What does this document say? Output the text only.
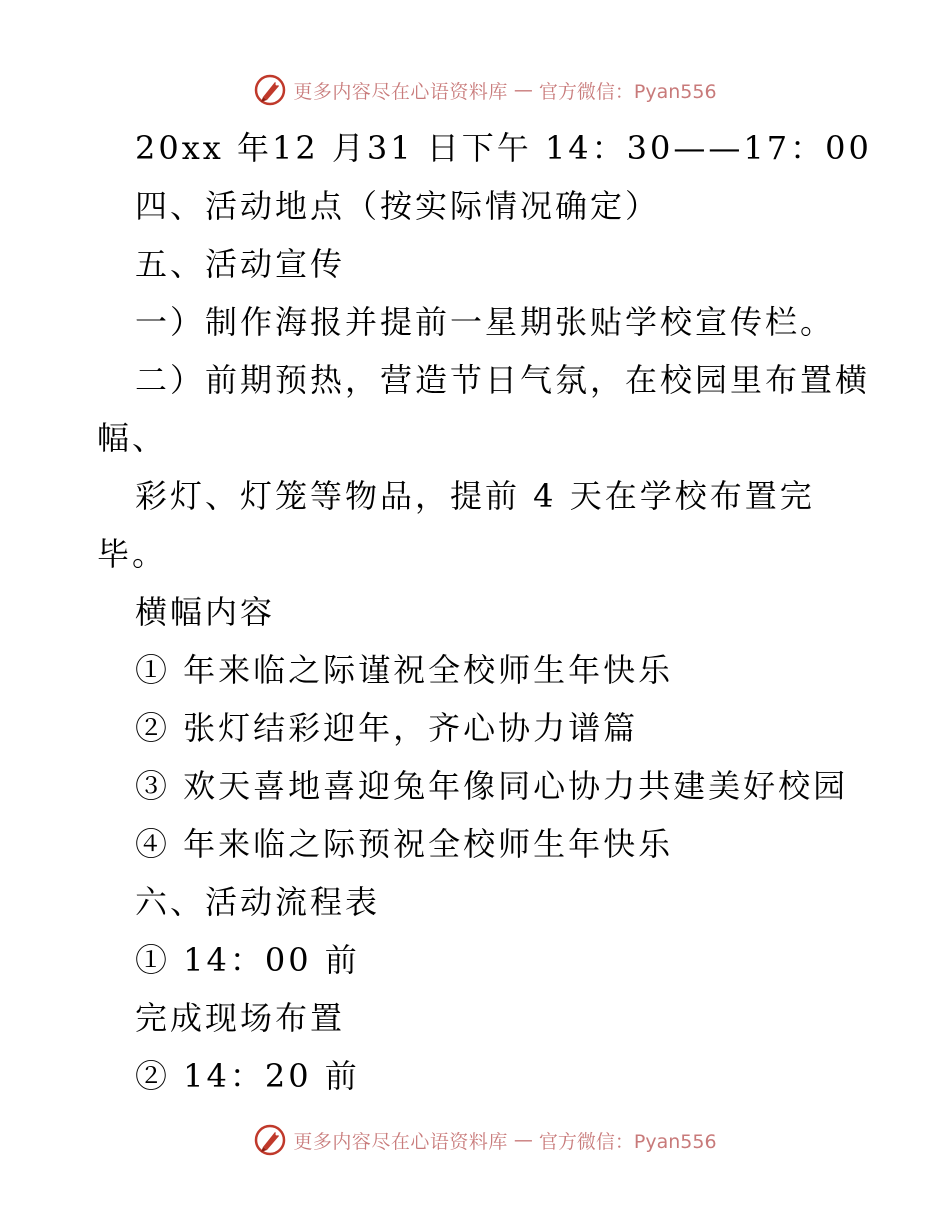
更多内容尽在心语资料库 — 官方微信：Pyan556
20xx 年12 月31 日下午 14：30——17：00
四、活动地点（按实际情况确定）
五、活动宣传
一）制作海报并提前一星期张贴学校宣传栏。
二）前期预热，营造节日气氛，在校园里布置横
幅、
彩灯、灯笼等物品，提前 4 天在学校布置完
毕。
横幅内容
① 年来临之际谨祝全校师生年快乐
② 张灯结彩迎年，齐心协力谱篇
③ 欢天喜地喜迎兔年像同心协力共建美好校园
④ 年来临之际预祝全校师生年快乐
六、活动流程表
① 14：00 前
完成现场布置
② 14：20 前
更多内容尽在心语资料库 — 官方微信：Pyan556
